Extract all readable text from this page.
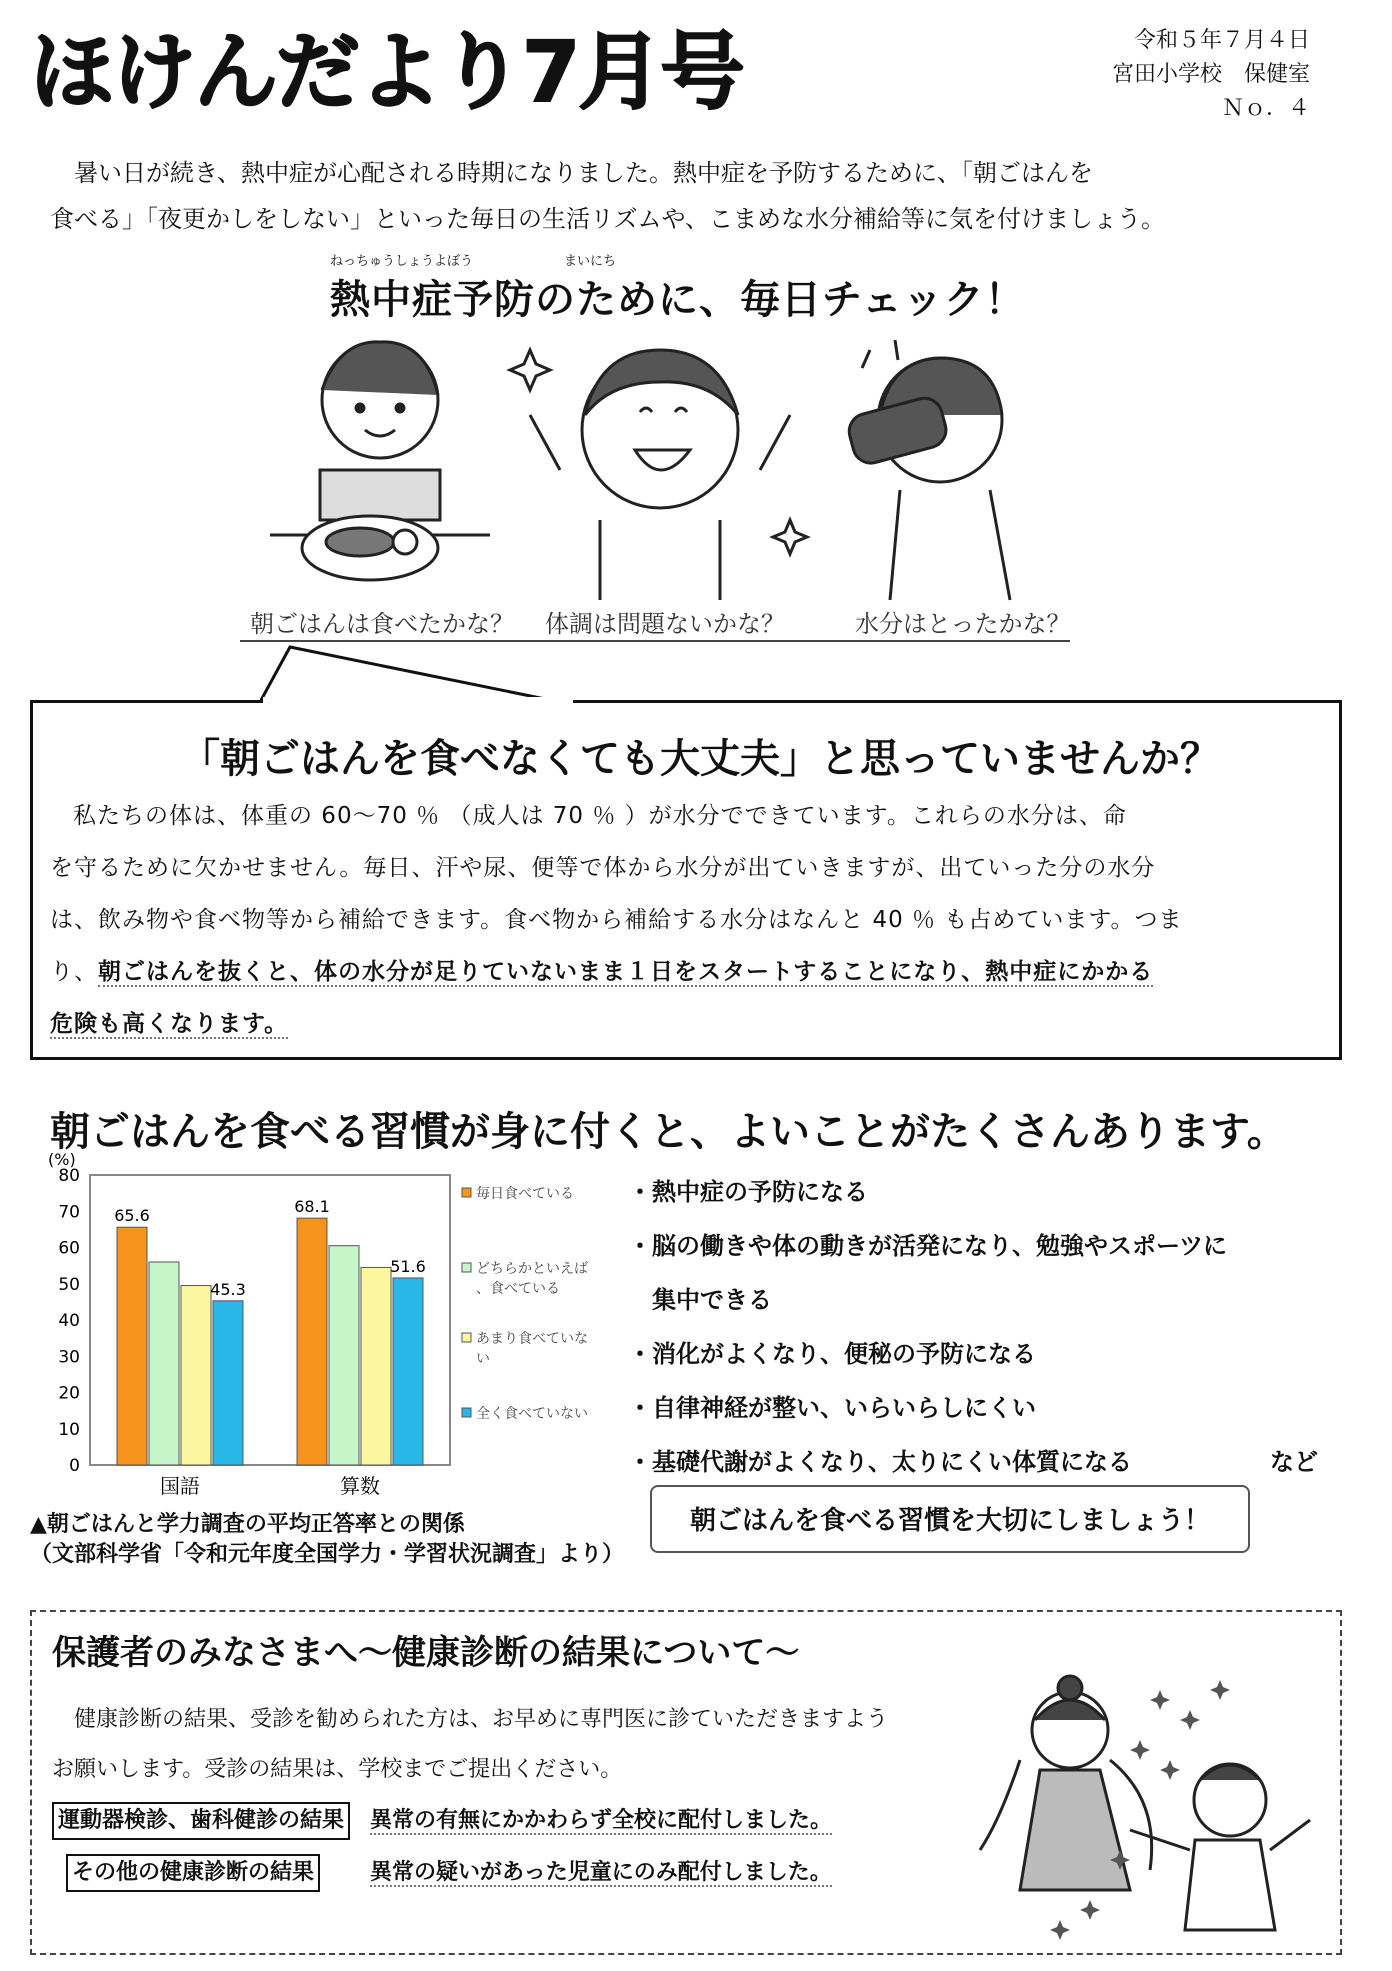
ほけんだより7月号	令和５年７月４日
宮田小学校　保健室
Ｎｏ．４

暑い日が続き、熱中症が心配される時期になりました。熱中症を予防するために、「朝ごはんを

食べる」「夜更かしをしない」といった毎日の生活リズムや、こまめな水分補給等に気を付けましょう。
ねっちゅうしょうよぼう　　　　　　　まいにち
熱中症予防のために、毎日チェック！
朝ごはんは食べたかな？ 体調は問題ないかな？	水分はとったかな？
「朝ごはんを食べなくても大丈夫」と思っていませんか？
私たちの体は、体重の 60～70 ％ （成人は 70 ％ ）が水分でできています。これらの水分は、命
を守るために欠かせません。毎日、汗や尿、便等で体から水分が出ていきますが、出ていった分の水分
は、飲み物や食べ物等から補給できます。食べ物から補給する水分はなんと 40 ％ も占めています。つま
り、朝ごはんを抜くと、体の水分が足りていないまま１日をスタートすることになり、熱中症にかかる
危険も高くなります。
朝ごはんを食べる習慣が身に付くと、よいことがたくさんあります。
(%)
0
10
20
30
40
50
60
70
80
国語	算数
65.6
45.3
68.1
51.6
毎日食べている
どちらかといえば
、食べている
あまり食べていな
い
全く食べていない
▲朝ごはんと学力調査の平均正答率との関係
（文部科学省「令和元年度全国学力・学習状況調査」より）
・熱中症の予防になる
・脳の働きや体の動きが活発になり、勉強やスポーツに
　集中できる
・消化がよくなり、便秘の予防になる
・自律神経が整い、いらいらしにくい
・基礎代謝がよくなり、太りにくい体質になる	など
朝ごはんを食べる習慣を大切にしましょう！
保護者のみなさまへ～健康診断の結果について～

健康診断の結果、受診を勧められた方は、お早めに専門医に診ていただきますよう

お願いします。受診の結果は、学校までご提出ください。
運動器検診、歯科健診の結果 異常の有無にかかわらず全校に配付しました。
その他の健康診断の結果	異常の疑いがあった児童にのみ配付しました。
